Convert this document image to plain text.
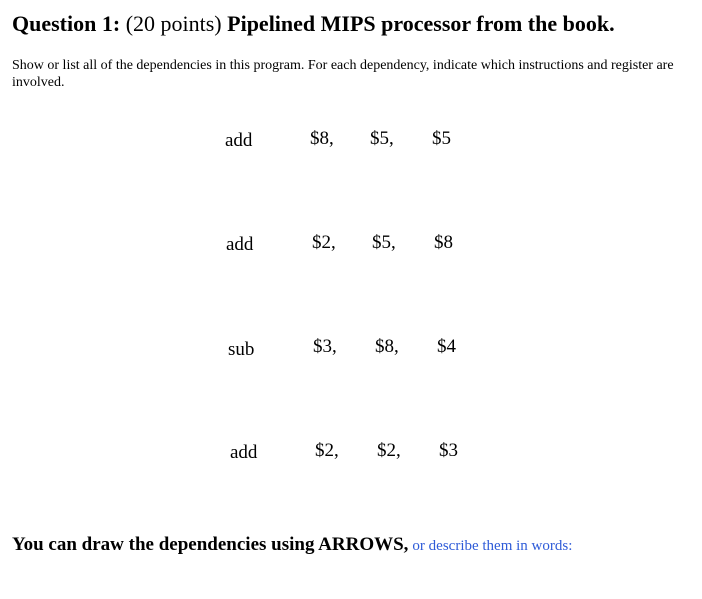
Question 1: (20 points) Pipelined MIPS processor from the book.
Show or list all of the dependencies in this program. For each dependency, indicate which instructions and register are involved.
add	$8, $5, $5
add	$2, $5, $8
sub	$3, $8, $4
add	$2, $2, $3
You can draw the dependencies using ARROWS, or describe them in words:
